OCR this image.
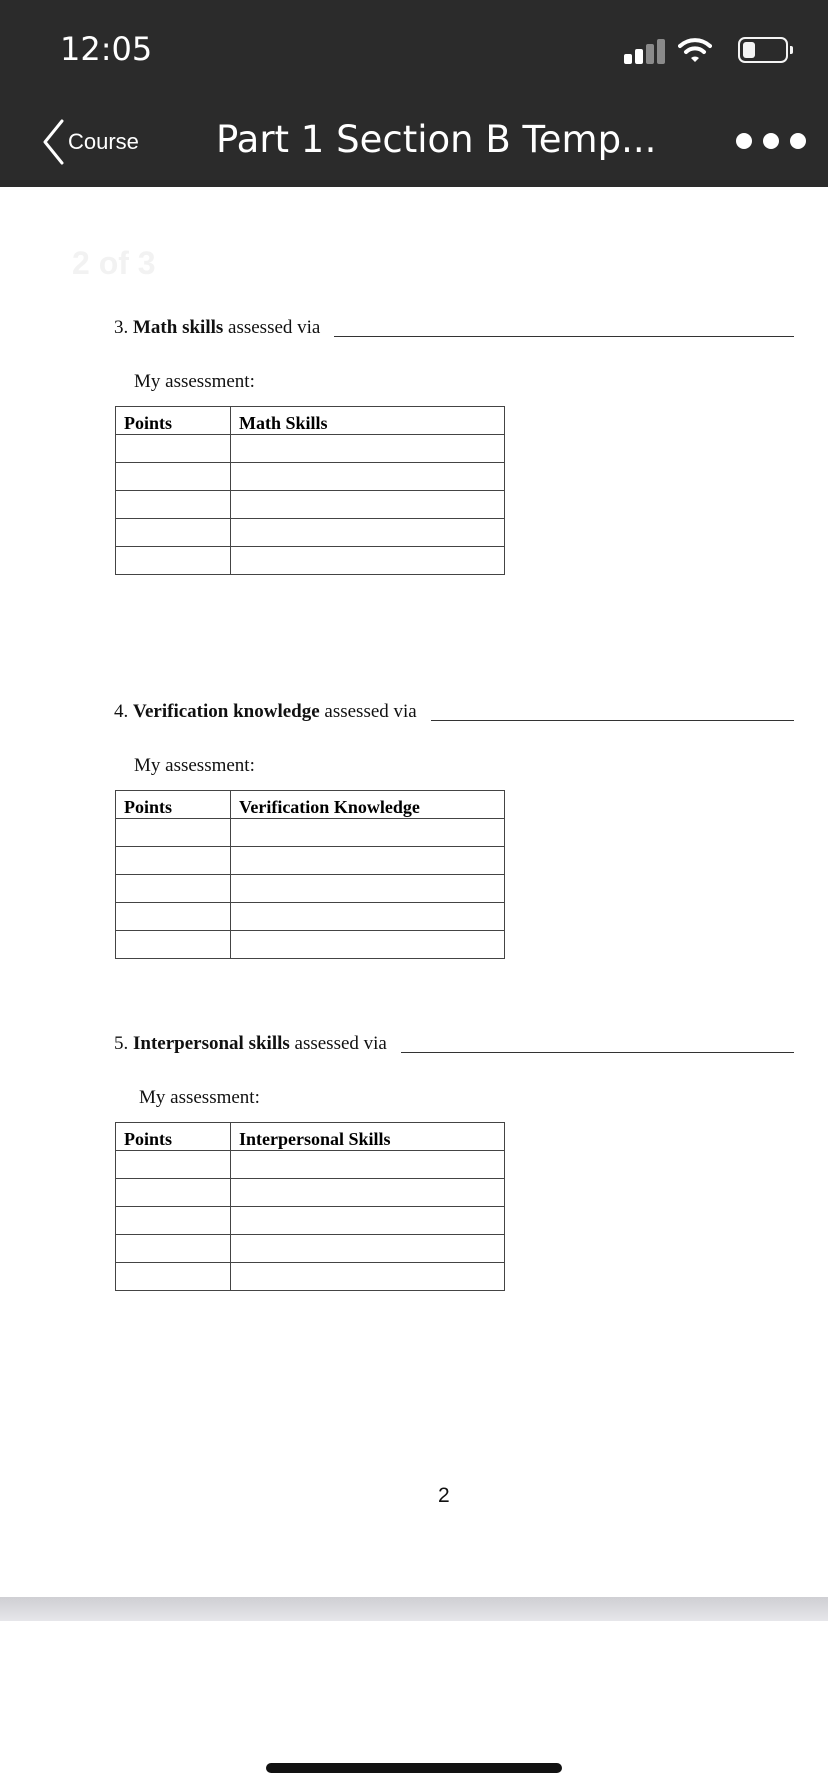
12:05
Course Part 1 Section B Temp...
2 of 3
3.
Math skills
assessed via
My assessment:
Points	Math Skills

4.
Verification knowledge
assessed via
My assessment:
Points	Verification Knowledge

5.
Interpersonal skills
assessed via
My assessment:
Points	Interpersonal Skills

2
